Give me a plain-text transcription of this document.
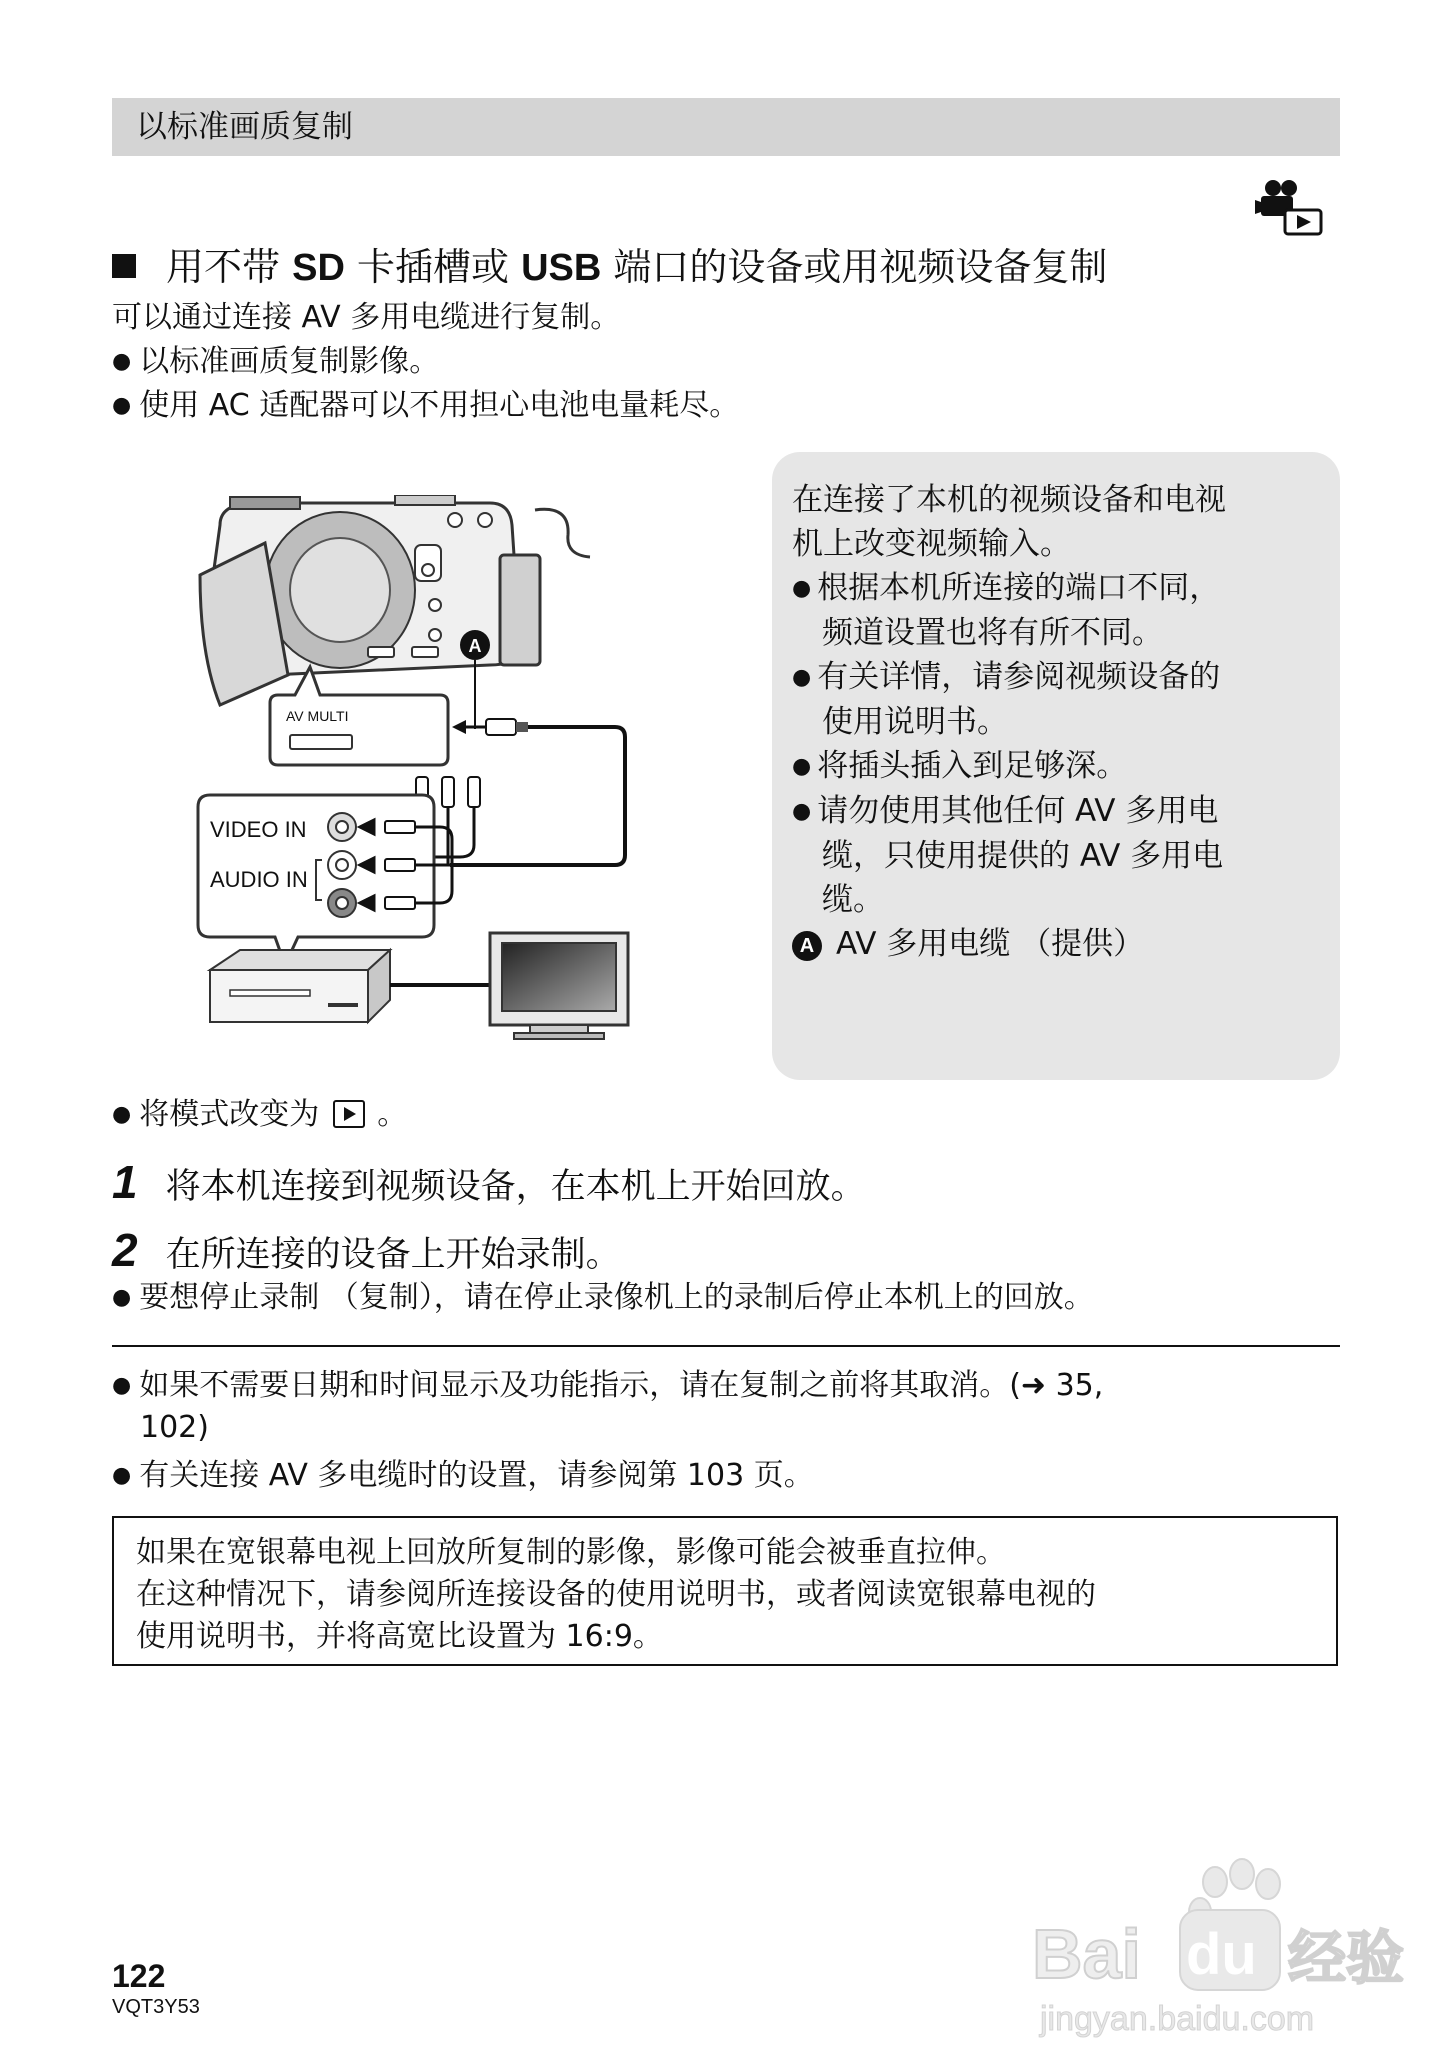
以标准画质复制
用不带 SD 卡插槽或 USB 端口的设备或用视频设备复制
可以通过连接 AV 多用电缆进行复制。
● 以标准画质复制影像。
● 使用 AC 适配器可以不用担心电池电量耗尽。
AV MULTI
A
VIDEO IN
AUDIO IN
在连接了本机的视频设备和电视
机上改变视频输入。
● 根据本机所连接的端口不同，
频道设置也将有所不同。
● 有关详情，请参阅视频设备的
使用说明书。
● 将插头插入到足够深。
● 请勿使用其他任何 AV 多用电
缆，只使用提供的 AV 多用电
缆。
A AV 多用电缆 （提供）
● 将模式改变为 。
1 将本机连接到视频设备，在本机上开始回放。
2 在所连接的设备上开始录制。
● 要想停止录制 （复制），请在停止录像机上的录制后停止本机上的回放。
● 如果不需要日期和时间显示及功能指示，请在复制之前将其取消。(➜ 35,
102)
● 有关连接 AV 多电缆时的设置，请参阅第 103 页。
如果在宽银幕电视上回放所复制的影像，影像可能会被垂直拉伸。
在这种情况下，请参阅所连接设备的使用说明书，或者阅读宽银幕电视的
使用说明书，并将高宽比设置为 16:9。
122
VQT3Y53
Bai du 经验
jingyan.baidu.com
